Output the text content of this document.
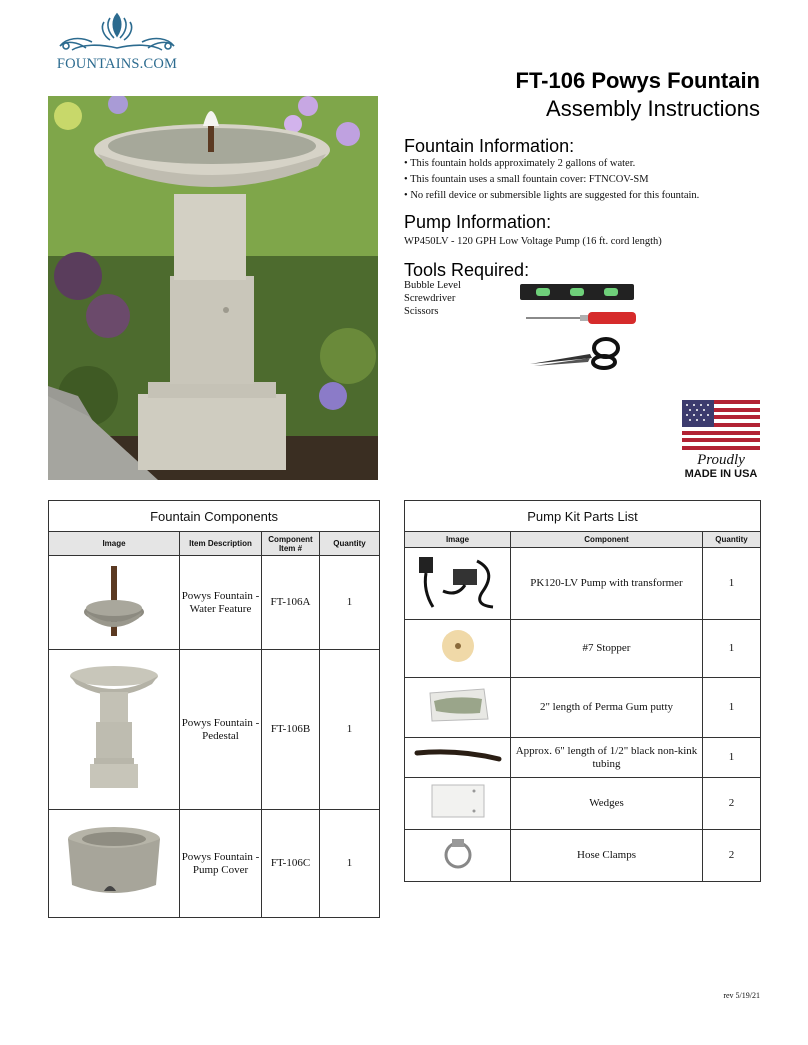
FOUNTAINS.COM
FT-106 Powys Fountain
Assembly Instructions
Fountain Information:
• This fountain holds approximately 2 gallons of water.
• This fountain uses a small fountain cover: FTNCOV-SM
• No refill device or submersible lights are suggested for this fountain.
Pump Information:
WP450LV - 120 GPH Low Voltage Pump (16 ft. cord length)
Tools Required:
Bubble Level
Screwdriver
Scissors
Proudly
MADE IN USA
Fountain Components			
Image	Item Description	Component Item #	Quantity
	Powys Fountain - Water Feature	FT-106A	1
	Powys Fountain - Pedestal	FT-106B	1
	Powys Fountain - Pump Cover	FT-106C	1
Pump Kit Parts List		
Image	Component	Quantity
	PK120-LV Pump with transformer	1
	#7 Stopper	1
	2" length of Perma Gum putty	1
	Approx. 6" length of 1/2" black non-kink tubing	1
	Wedges	2
	Hose Clamps	2
rev 5/19/21
